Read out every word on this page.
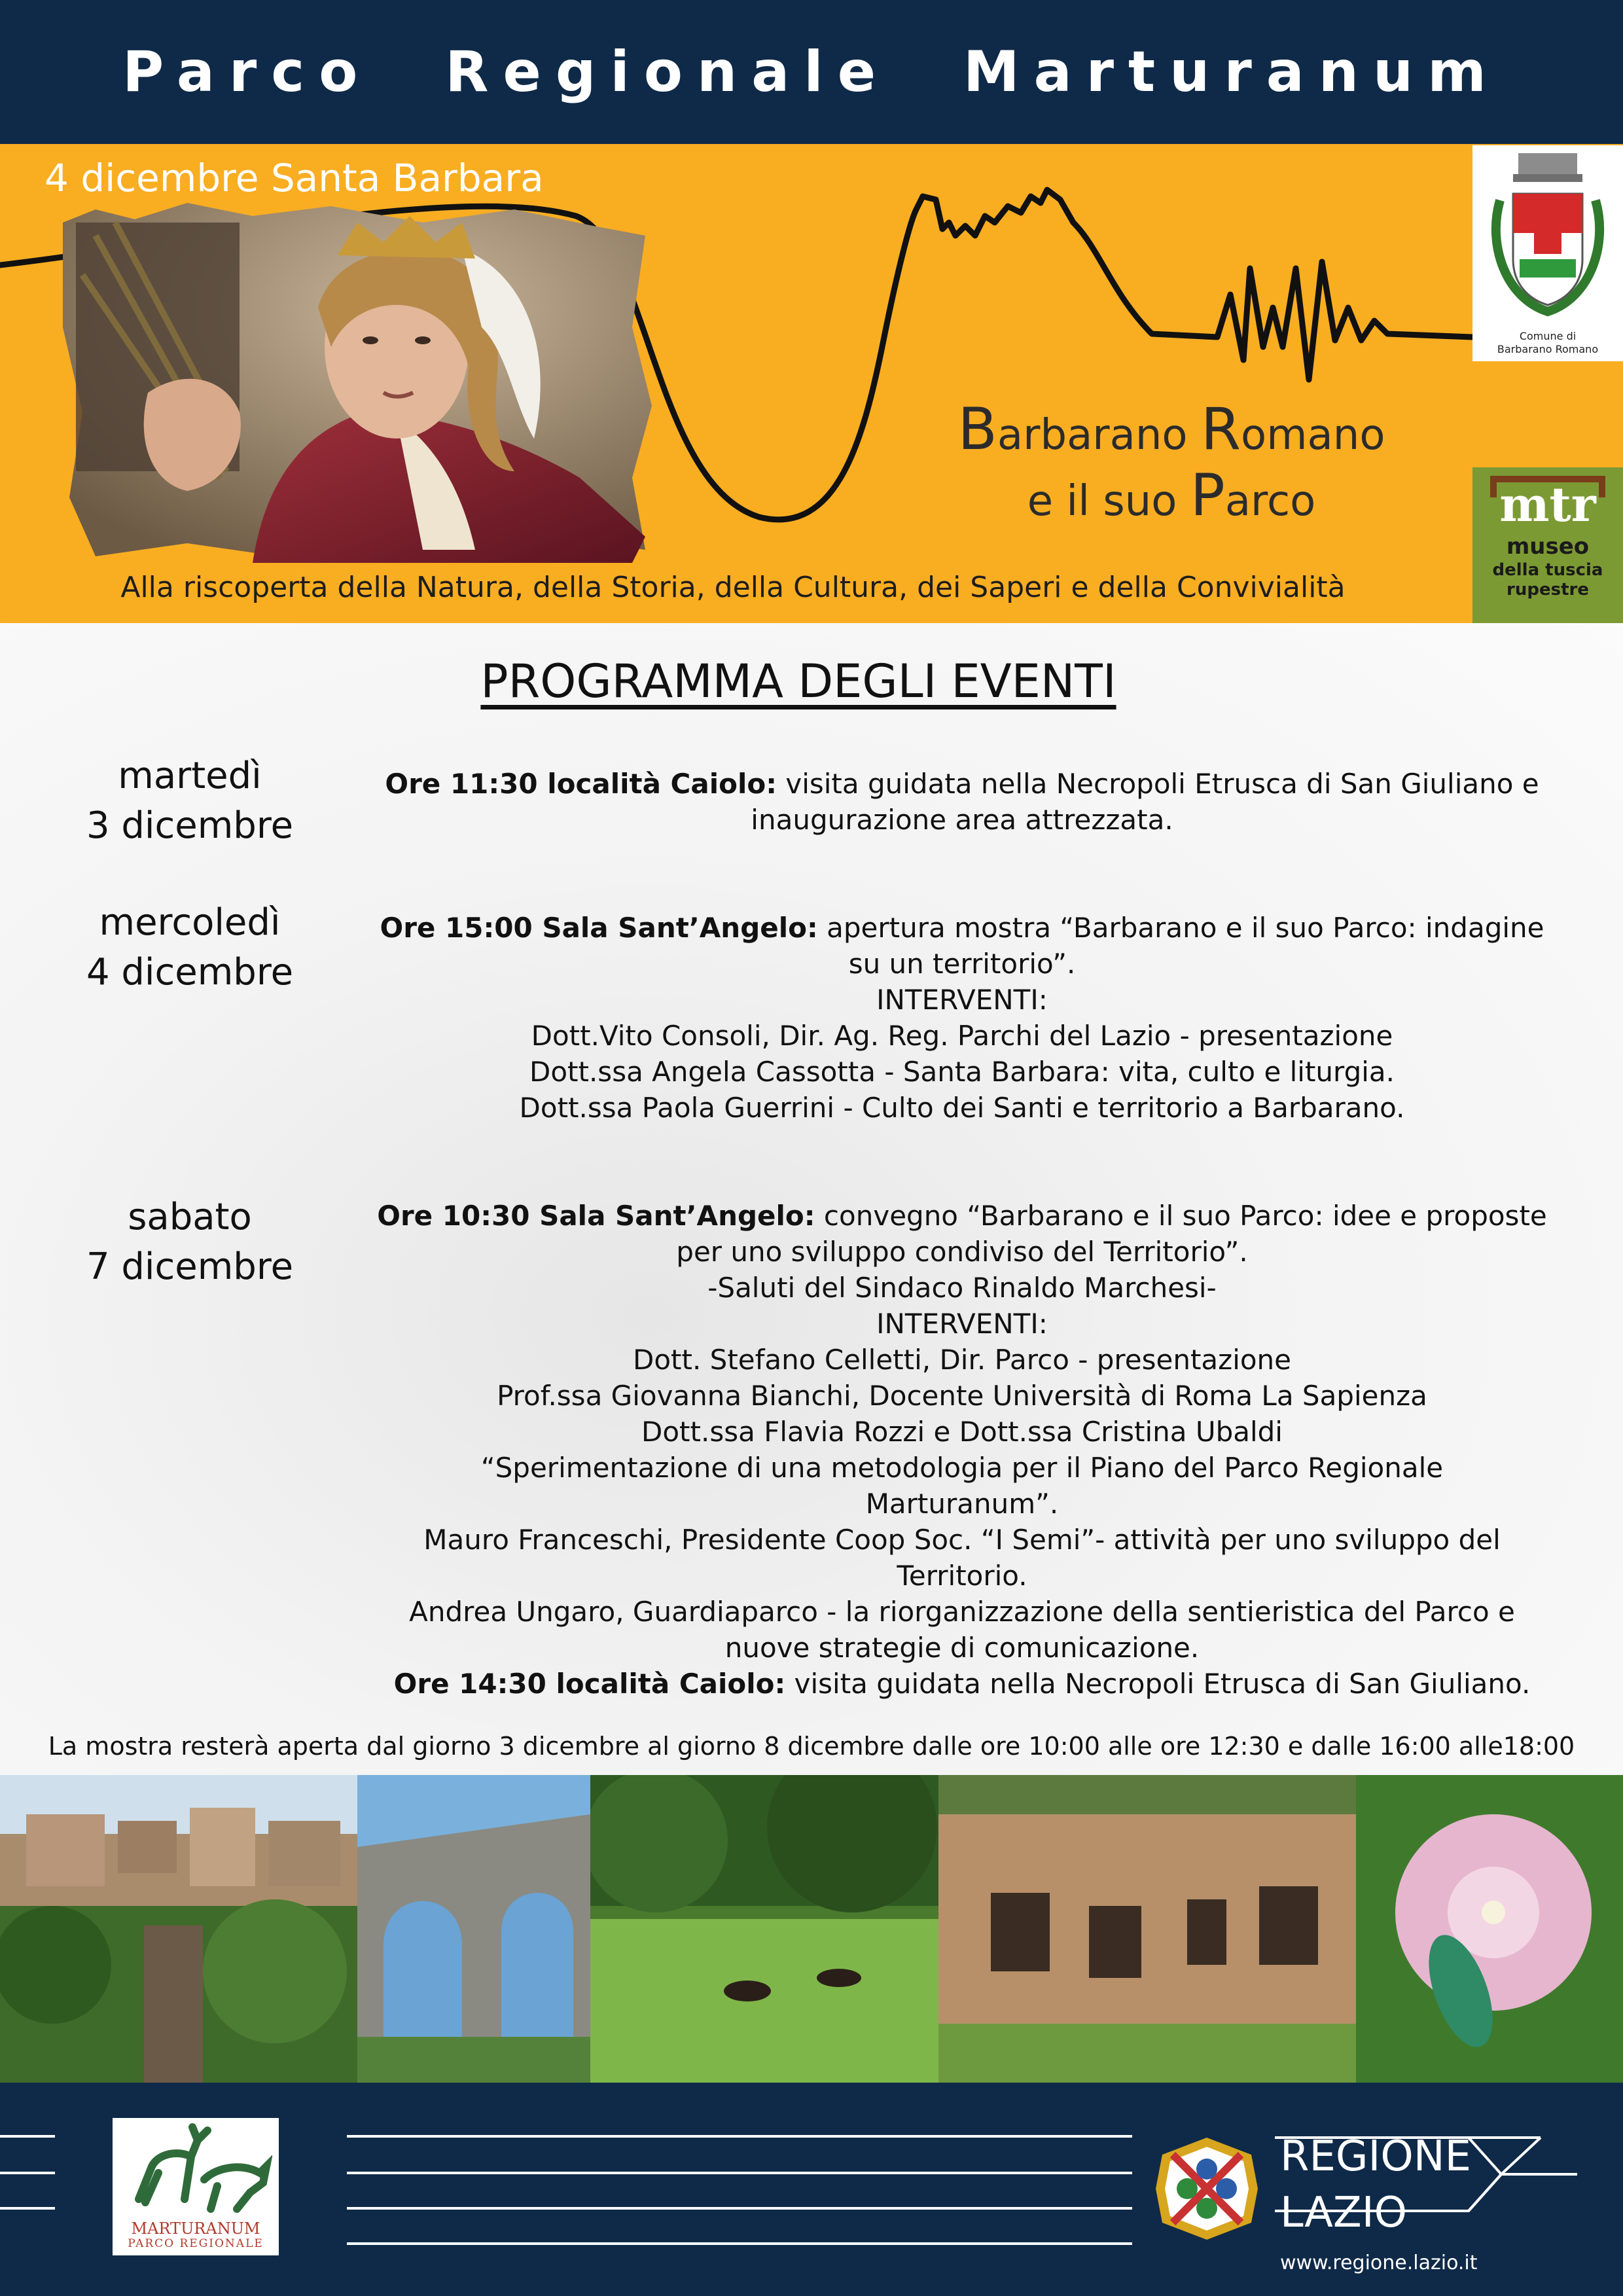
Parco Regionale Marturanum
4 dicembre Santa Barbara
Barbarano Romano
e il suo Parco
Alla riscoperta della Natura, della Storia, della Cultura, dei Saperi e della Convivialità
Comune di
Barbarano Romano
mtr
museo
della tuscia
rupestre
PROGRAMMA DEGLI EVENTI
martedì
3 dicembre
Ore 11:30 località Caiolo: visita guidata nella Necropoli Etrusca di San Giuliano e
inaugurazione area attrezzata.
mercoledì
4 dicembre
Ore 15:00 Sala Sant’Angelo: apertura mostra “Barbarano e il suo Parco: indagine
su un territorio”.
INTERVENTI:
Dott.Vito Consoli, Dir. Ag. Reg. Parchi del Lazio - presentazione
Dott.ssa Angela Cassotta - Santa Barbara: vita, culto e liturgia.
Dott.ssa Paola Guerrini - Culto dei Santi e territorio a Barbarano.
sabato
7 dicembre
Ore 10:30 Sala Sant’Angelo: convegno “Barbarano e il suo Parco: idee e proposte
per uno sviluppo condiviso del Territorio”.
-Saluti del Sindaco Rinaldo Marchesi-
INTERVENTI:
Dott. Stefano Celletti, Dir. Parco - presentazione
Prof.ssa Giovanna Bianchi, Docente Università di Roma La Sapienza
Dott.ssa Flavia Rozzi e Dott.ssa Cristina Ubaldi
“Sperimentazione di una metodologia per il Piano del Parco Regionale
Marturanum”.
Mauro Franceschi, Presidente Coop Soc. “I Semi”- attività per uno sviluppo del
Territorio.
Andrea Ungaro, Guardiaparco - la riorganizzazione della sentieristica del Parco e
nuove strategie di comunicazione.
Ore 14:30 località Caiolo: visita guidata nella Necropoli Etrusca di San Giuliano.
La mostra resterà aperta dal giorno 3 dicembre al giorno 8 dicembre dalle ore 10:00 alle ore 12:30 e dalle 16:00 alle18:00
MARTURANUM
PARCO REGIONALE
REGIONE
LAZIO
www.regione.lazio.it
